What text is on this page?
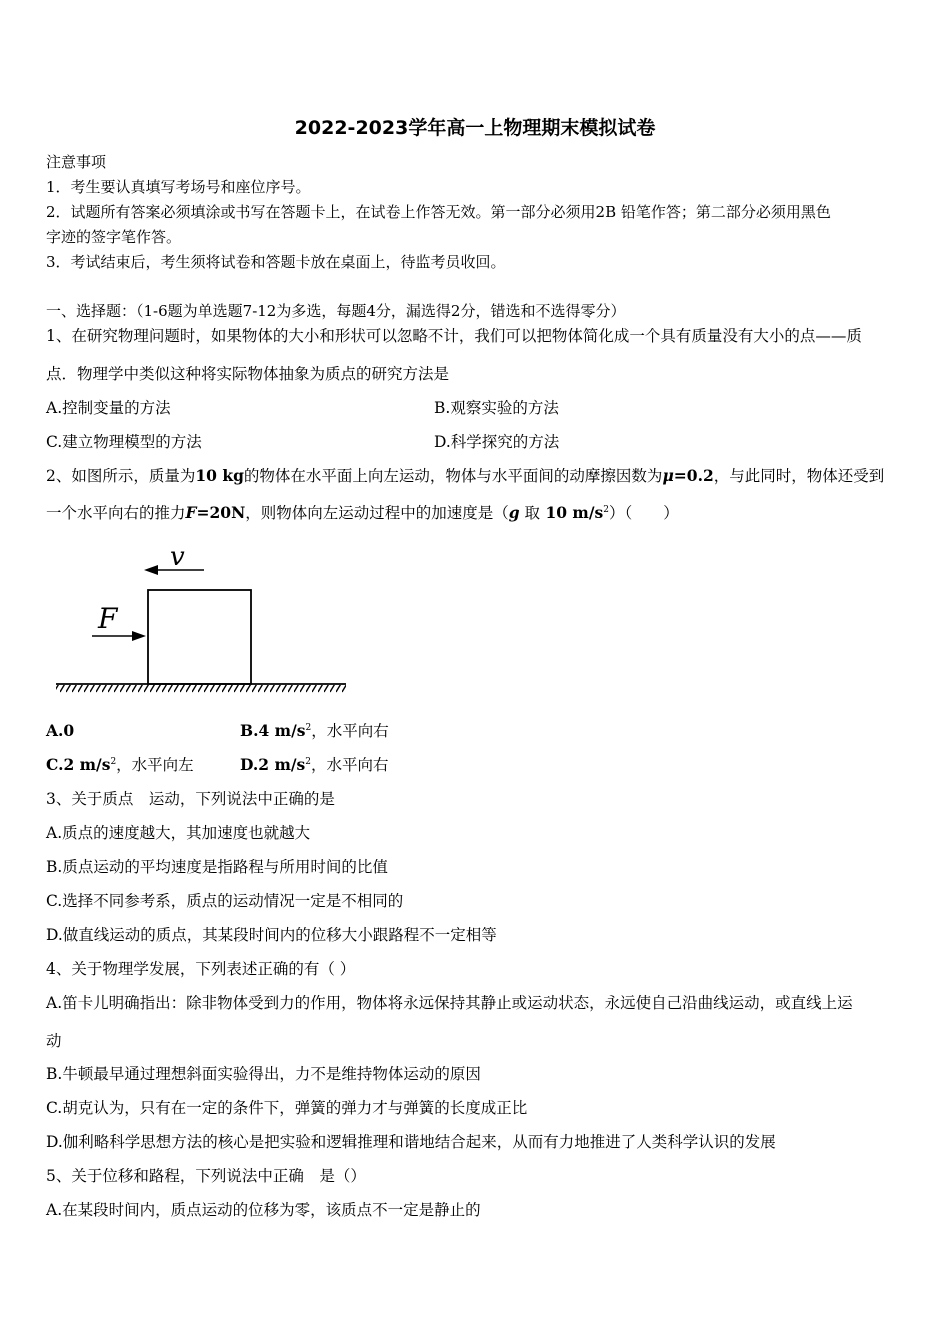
2022-2023学年高一上物理期末模拟试卷
注意事项
1．考生要认真填写考场号和座位序号。
2．试题所有答案必须填涂或书写在答题卡上，在试卷上作答无效。第一部分必须用2B 铅笔作答；第二部分必须用黑色
字迹的签字笔作答。
3．考试结束后，考生须将试卷和答题卡放在桌面上，待监考员收回。
一、选择题：（1-6题为单选题7-12为多选，每题4分，漏选得2分，错选和不选得零分）
1、在研究物理问题时，如果物体的大小和形状可以忽略不计，我们可以把物体简化成一个具有质量没有大小的点——质
点．物理学中类似这种将实际物体抽象为质点的研究方法是
A.控制变量的方法	B.观察实验的方法
C.建立物理模型的方法	D.科学探究的方法
2、如图所示，质量为10 kg的物体在水平面上向左运动，物体与水平面间的动摩擦因数为μ=0.2，与此同时，物体还受到
一个水平向右的推力F=20N，则物体向左运动过程中的加速度是（g 取 10 $m/s^2$）（　　）
v
F
A.0	B.4 $m/s^2$，水平向右
C.2 $m/s^2$，水平向左	D.2 $m/s^2$，水平向右
3、关于质点　运动，下列说法中正确的是
A.质点的速度越大，其加速度也就越大
B.质点运动的平均速度是指路程与所用时间的比值
C.选择不同参考系，质点的运动情况一定是不相同的
D.做直线运动的质点，其某段时间内的位移大小跟路程不一定相等
4、关于物理学发展，下列表述正确的有（ ）
A.笛卡儿明确指出：除非物体受到力的作用，物体将永远保持其静止或运动状态，永远使自己沿曲线运动，或直线上运
动
B.牛顿最早通过理想斜面实验得出，力不是维持物体运动的原因
C.胡克认为，只有在一定的条件下，弹簧的弹力才与弹簧的长度成正比
D.伽利略科学思想方法的核心是把实验和逻辑推理和谐地结合起来，从而有力地推进了人类科学认识的发展
5、关于位移和路程，下列说法中正确　是（）
A.在某段时间内，质点运动的位移为零，该质点不一定是静止的
